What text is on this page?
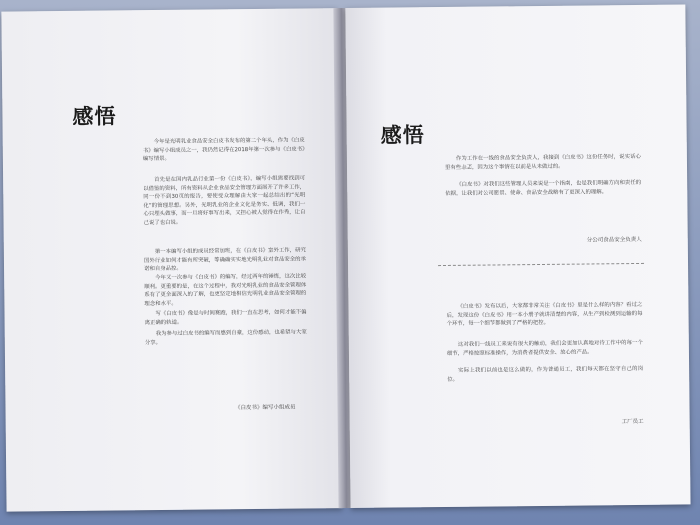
感悟

今年是光明乳业食品安全白皮书发布的第二个年头，作为《白皮书》编写小组成员之一，我仍然记得在2018年第一次参与《白皮书》编写情景。

首先是在国内乳品行业第一份《白皮书》，编写小组需要找到可以借鉴的资料，所有资料从企业食品安全管理方面展开了许多工作，同一份不到30页的报告，要使受众理解由大家一起总结出的“光明化”的管理思想。另外，光明乳业的企业文化是务实、低调，我们一心只埋头做事，而一旦将好事写出来，又担心被人觉得在作秀，让自己说了也白说。

第一本编写小组的成员经常加班，在《白皮书》室外工作，研究国外行业如何才能有所突破，等确确实实地光明乳业对食品安全的承诺和自身品控。

今年又一次参与《白皮书》的编写，经过两年的锤炼，这次比较顺利。更重要的是，在这个过程中，我对光明乳业的食品安全管理体系有了更全面深入的了解，也更坚定地相信光明乳业食品安全管理的理念和水平。

写《白皮书》像是与时间赛跑，我们一直在思考，如何才能不偏离正确的轨道。

我为参与过白皮书的编写而感到自豪，这份感动，也希望与大家分享。

《白皮书》编写小组成员
感悟

作为工作在一线的食品安全负责人，我接到《白皮书》这份任务时，说实话心里有些忐忑，因为这个事情在以前是从未做过的。

《白皮书》对我们这些管理人员来说是一个指南，也是我们明确方向和责任的依据，让我们对公司愿景、使命、食品安全战略有了更深入的理解。

分公司食品安全负责人

《白皮书》发布以后，大家都非常关注《白皮书》里是什么样的内容？看过之后，发现这份《白皮书》用一本小册子就讲清楚的内容，从生产到检测到运输的每个环节，每一个细节都做到了严格的把控。

这对我们一线员工来说有很大的触动，我们会更加认真地对待工作中的每一个细节，严格按照标准操作，为消费者提供安全、放心的产品。

实际上我们以前也是这么做的，作为普通员工，我们每天都在坚守自己的岗位。

工厂员工
